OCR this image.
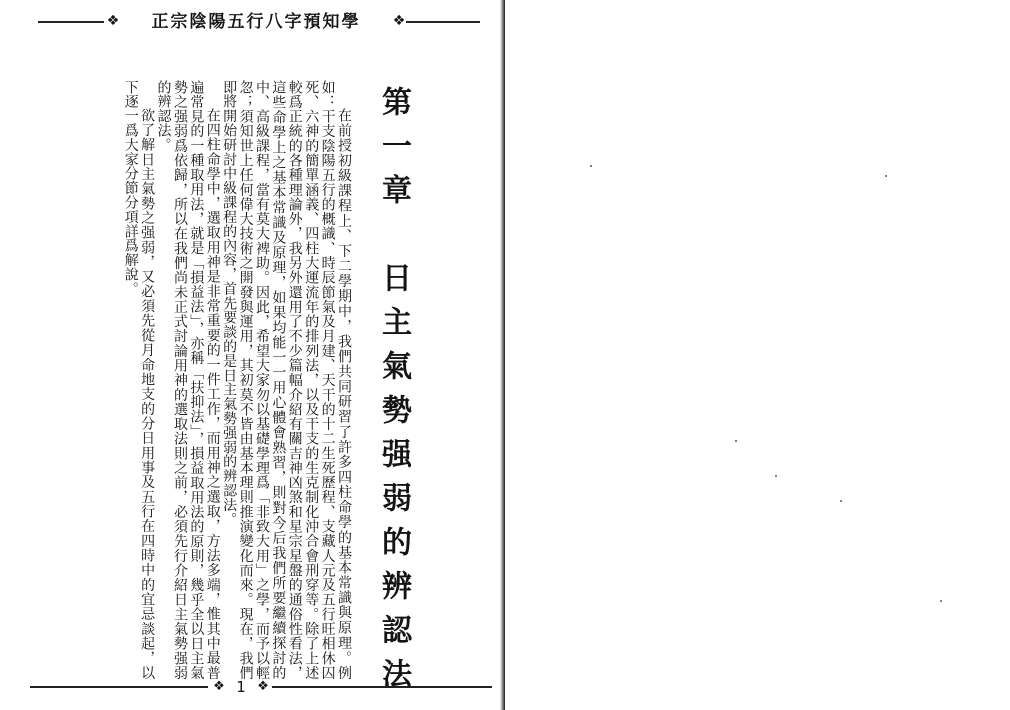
❖	正宗陰陽五行八字預知學	❖
第一章　日主氣勢强弱的辨認法

在前授初級課程上、下二學期中，我們共同研習了許多四柱命學的基本常識與原理。例如：干支陰陽五行的概識、時辰節氣及月建、天干的十二生死歷程、支藏人元及五行旺相休囚死、六神的簡單涵義、四柱大運流年的排列法，以及干支的生克制化沖合會刑穿等。除了上述較爲正統的各種理論外，我另外還用了不少篇幅介紹有關吉神凶煞和星宗星盤的通俗性看法，這些命學上之基本常識及原理，如果均能一一用心體會熟習，則對今后我們所要繼續探討的中、高級課程，當有莫大裨助。因此，希望大家勿以基礎學理爲「非致大用」之學，而予以輕忽；須知世上任何偉大技術之開發與運用，其初莫不皆由基本理則推演變化而來。現在，我們即將開始研討中級課程的內容，首先要談的是日主氣勢强弱的辨認法。

在四柱命學中，選取用神是非常重要的一件工作，而用神之選取，方法多端，惟其中最普遍常見的一種取用法，就是「損益法」，亦稱「扶抑法」，損益取用法的原則，幾乎全以日主氣勢之强弱爲依歸，所以在我們尚未正式討論用神的選取法則之前，必須先行介紹日主氣勢强弱的辨認法。

欲了解日主氣勢之强弱，又必須先從月命地支的分日用事及五行在四時中的宜忌談起，以下逐一爲大家分節分項詳爲解說。

❖ 1 ❖
